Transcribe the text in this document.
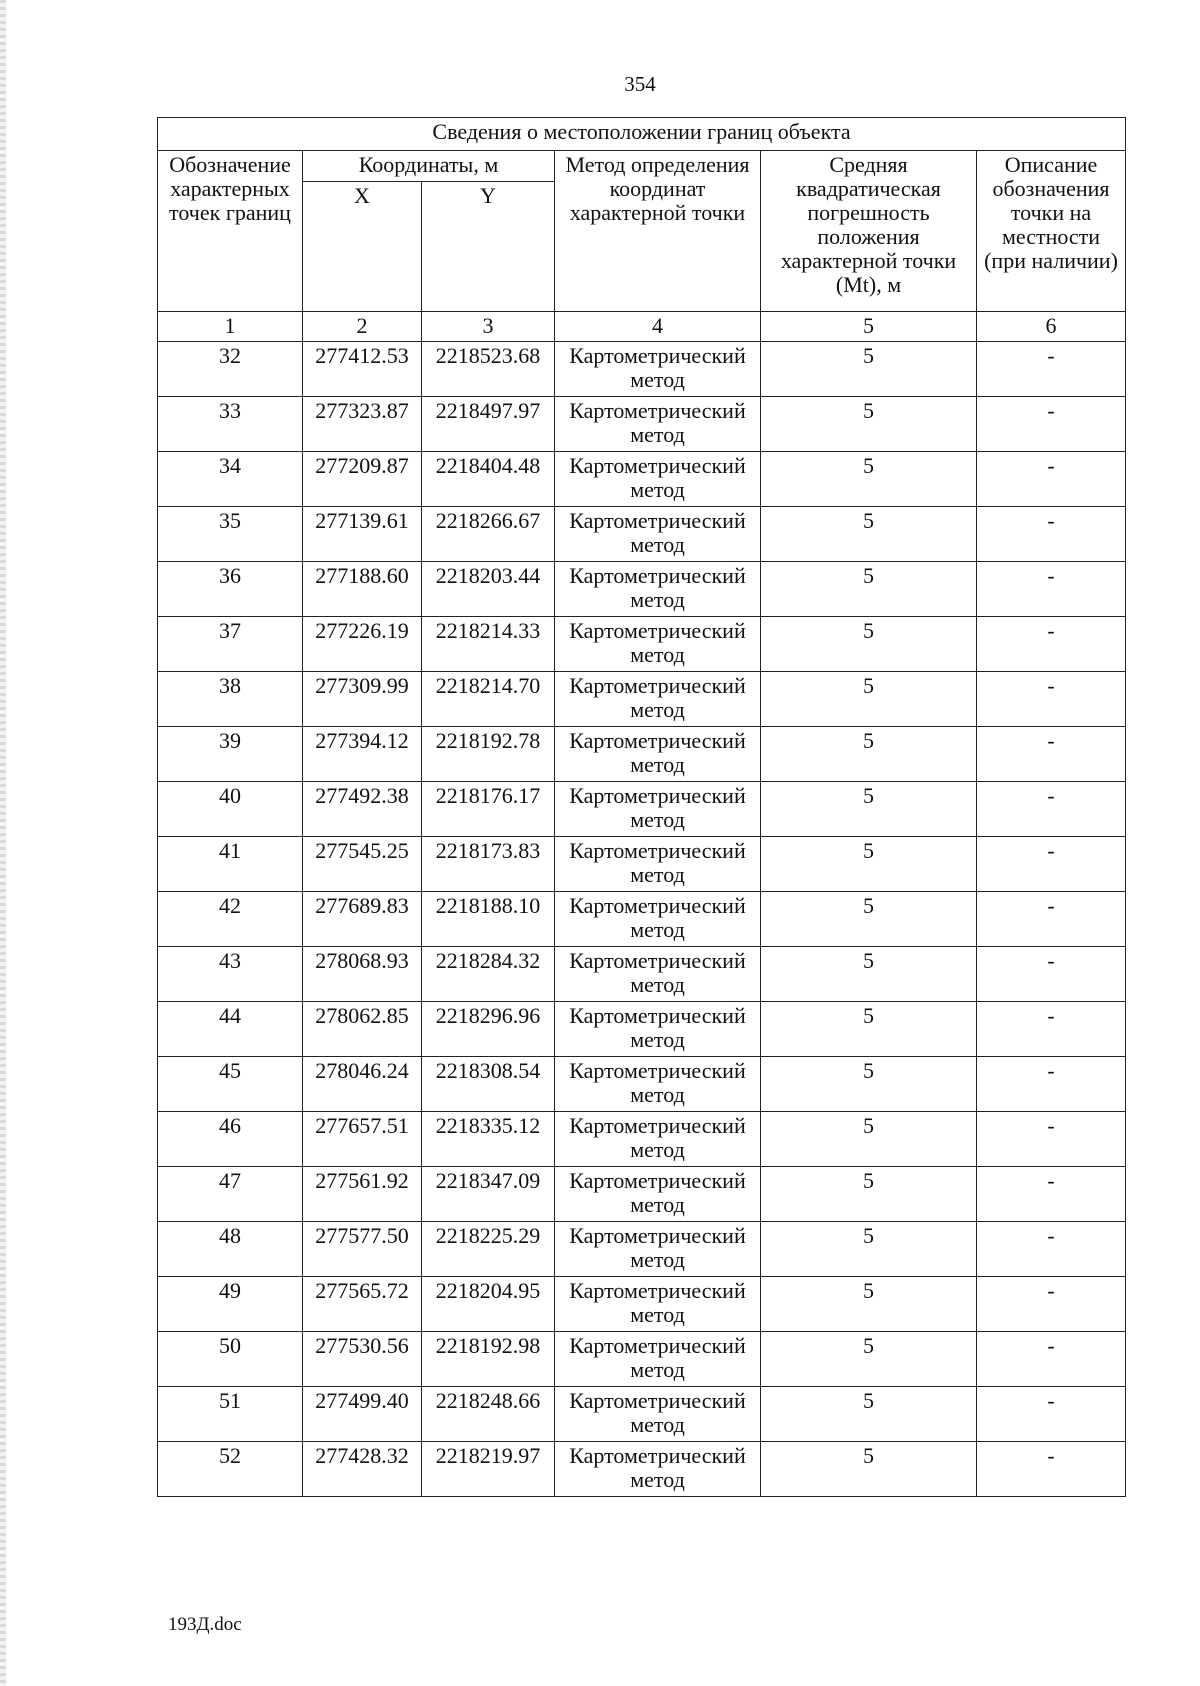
354
Сведения о местоположении границ объекта					
Обозначение характерных точек границ	Координаты, м		Метод определения координат характерной точки	Средняя квадратическая погрешность положения характерной точки (Mt), м	Описание обозначения точки на местности (при наличии)
	X	Y			
1	2	3	4	5	6
32	277412.53	2218523.68	Картометрический метод	5	-
33	277323.87	2218497.97	Картометрический метод	5	-
34	277209.87	2218404.48	Картометрический метод	5	-
35	277139.61	2218266.67	Картометрический метод	5	-
36	277188.60	2218203.44	Картометрический метод	5	-
37	277226.19	2218214.33	Картометрический метод	5	-
38	277309.99	2218214.70	Картометрический метод	5	-
39	277394.12	2218192.78	Картометрический метод	5	-
40	277492.38	2218176.17	Картометрический метод	5	-
41	277545.25	2218173.83	Картометрический метод	5	-
42	277689.83	2218188.10	Картометрический метод	5	-
43	278068.93	2218284.32	Картометрический метод	5	-
44	278062.85	2218296.96	Картометрический метод	5	-
45	278046.24	2218308.54	Картометрический метод	5	-
46	277657.51	2218335.12	Картометрический метод	5	-
47	277561.92	2218347.09	Картометрический метод	5	-
48	277577.50	2218225.29	Картометрический метод	5	-
49	277565.72	2218204.95	Картометрический метод	5	-
50	277530.56	2218192.98	Картометрический метод	5	-
51	277499.40	2218248.66	Картометрический метод	5	-
52	277428.32	2218219.97	Картометрический метод	5	-
193Д.doc
